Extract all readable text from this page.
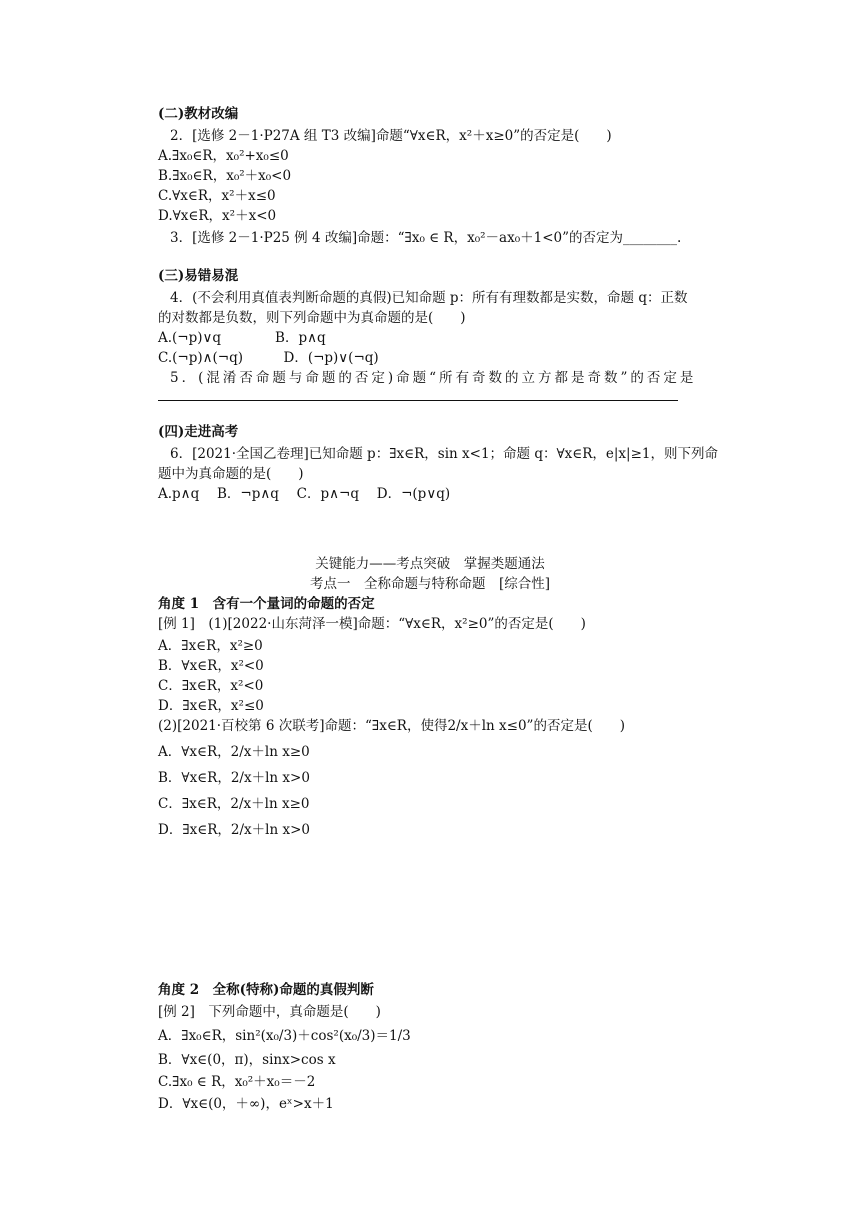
(二)教材改编
2．[选修 2－1·P27A 组 T3 改编]命题“∀x∈R，x²＋x≥0”的否定是(　　)
A.∃x₀∈R，x₀²+x₀≤0
B.∃x₀∈R，x₀²＋x₀<0
C.∀x∈R，x²＋x≤0
D.∀x∈R，x²＋x<0
3．[选修 2－1·P25 例 4 改编]命题：“∃x₀ ∈ R，x₀²－ax₀＋1<0”的否定为________.
(三)易错易混
4．(不会利用真值表判断命题的真假)已知命题 p：所有有理数都是实数，命题 q：正数
的对数都是负数，则下列命题中为真命题的是(　　)
A.(¬p)∨q　　　　B．p∧q
C.(¬p)∧(¬q)　　　D．(¬p)∨(¬q)
5．(混淆否命题与命题的否定)命题“所有奇数的立方都是奇数”的否定是
(四)走进高考
6．[2021·全国乙卷理]已知命题 p：∃x∈R，sin x<1；命题 q：∀x∈R，e|x|≥1，则下列命
题中为真命题的是(　　)
A.p∧q　 B．¬p∧q　 C．p∧¬q　 D．¬(p∨q)
关键能力——考点突破　掌握类题通法
考点一　全称命题与特称命题　[综合性]
角度 1　含有一个量词的命题的否定
[例 1]　(1)[2022·山东菏泽一模]命题：“∀x∈R，x²≥0”的否定是(　　)
A．∃x∈R，x²≥0
B．∀x∈R，x²<0
C．∃x∈R，x²<0
D．∃x∈R，x²≤0
(2)[2021·百校第 6 次联考]命题：“∃x∈R，使得2/x＋ln x≤0”的否定是(　　)
A．∀x∈R，2/x＋ln x≥0
B．∀x∈R，2/x＋ln x>0
C．∃x∈R，2/x＋ln x≥0
D．∃x∈R，2/x＋ln x>0
角度 2　全称(特称)命题的真假判断
[例 2]　下列命题中，真命题是(　　)
A．∃x₀∈R，sin²(x₀/3)＋cos²(x₀/3)＝1/3
B．∀x∈(0，π)，sinx>cos x
C.∃x₀ ∈ R，x₀²＋x₀＝－2
D．∀x∈(0，＋∞)，eˣ>x＋1
